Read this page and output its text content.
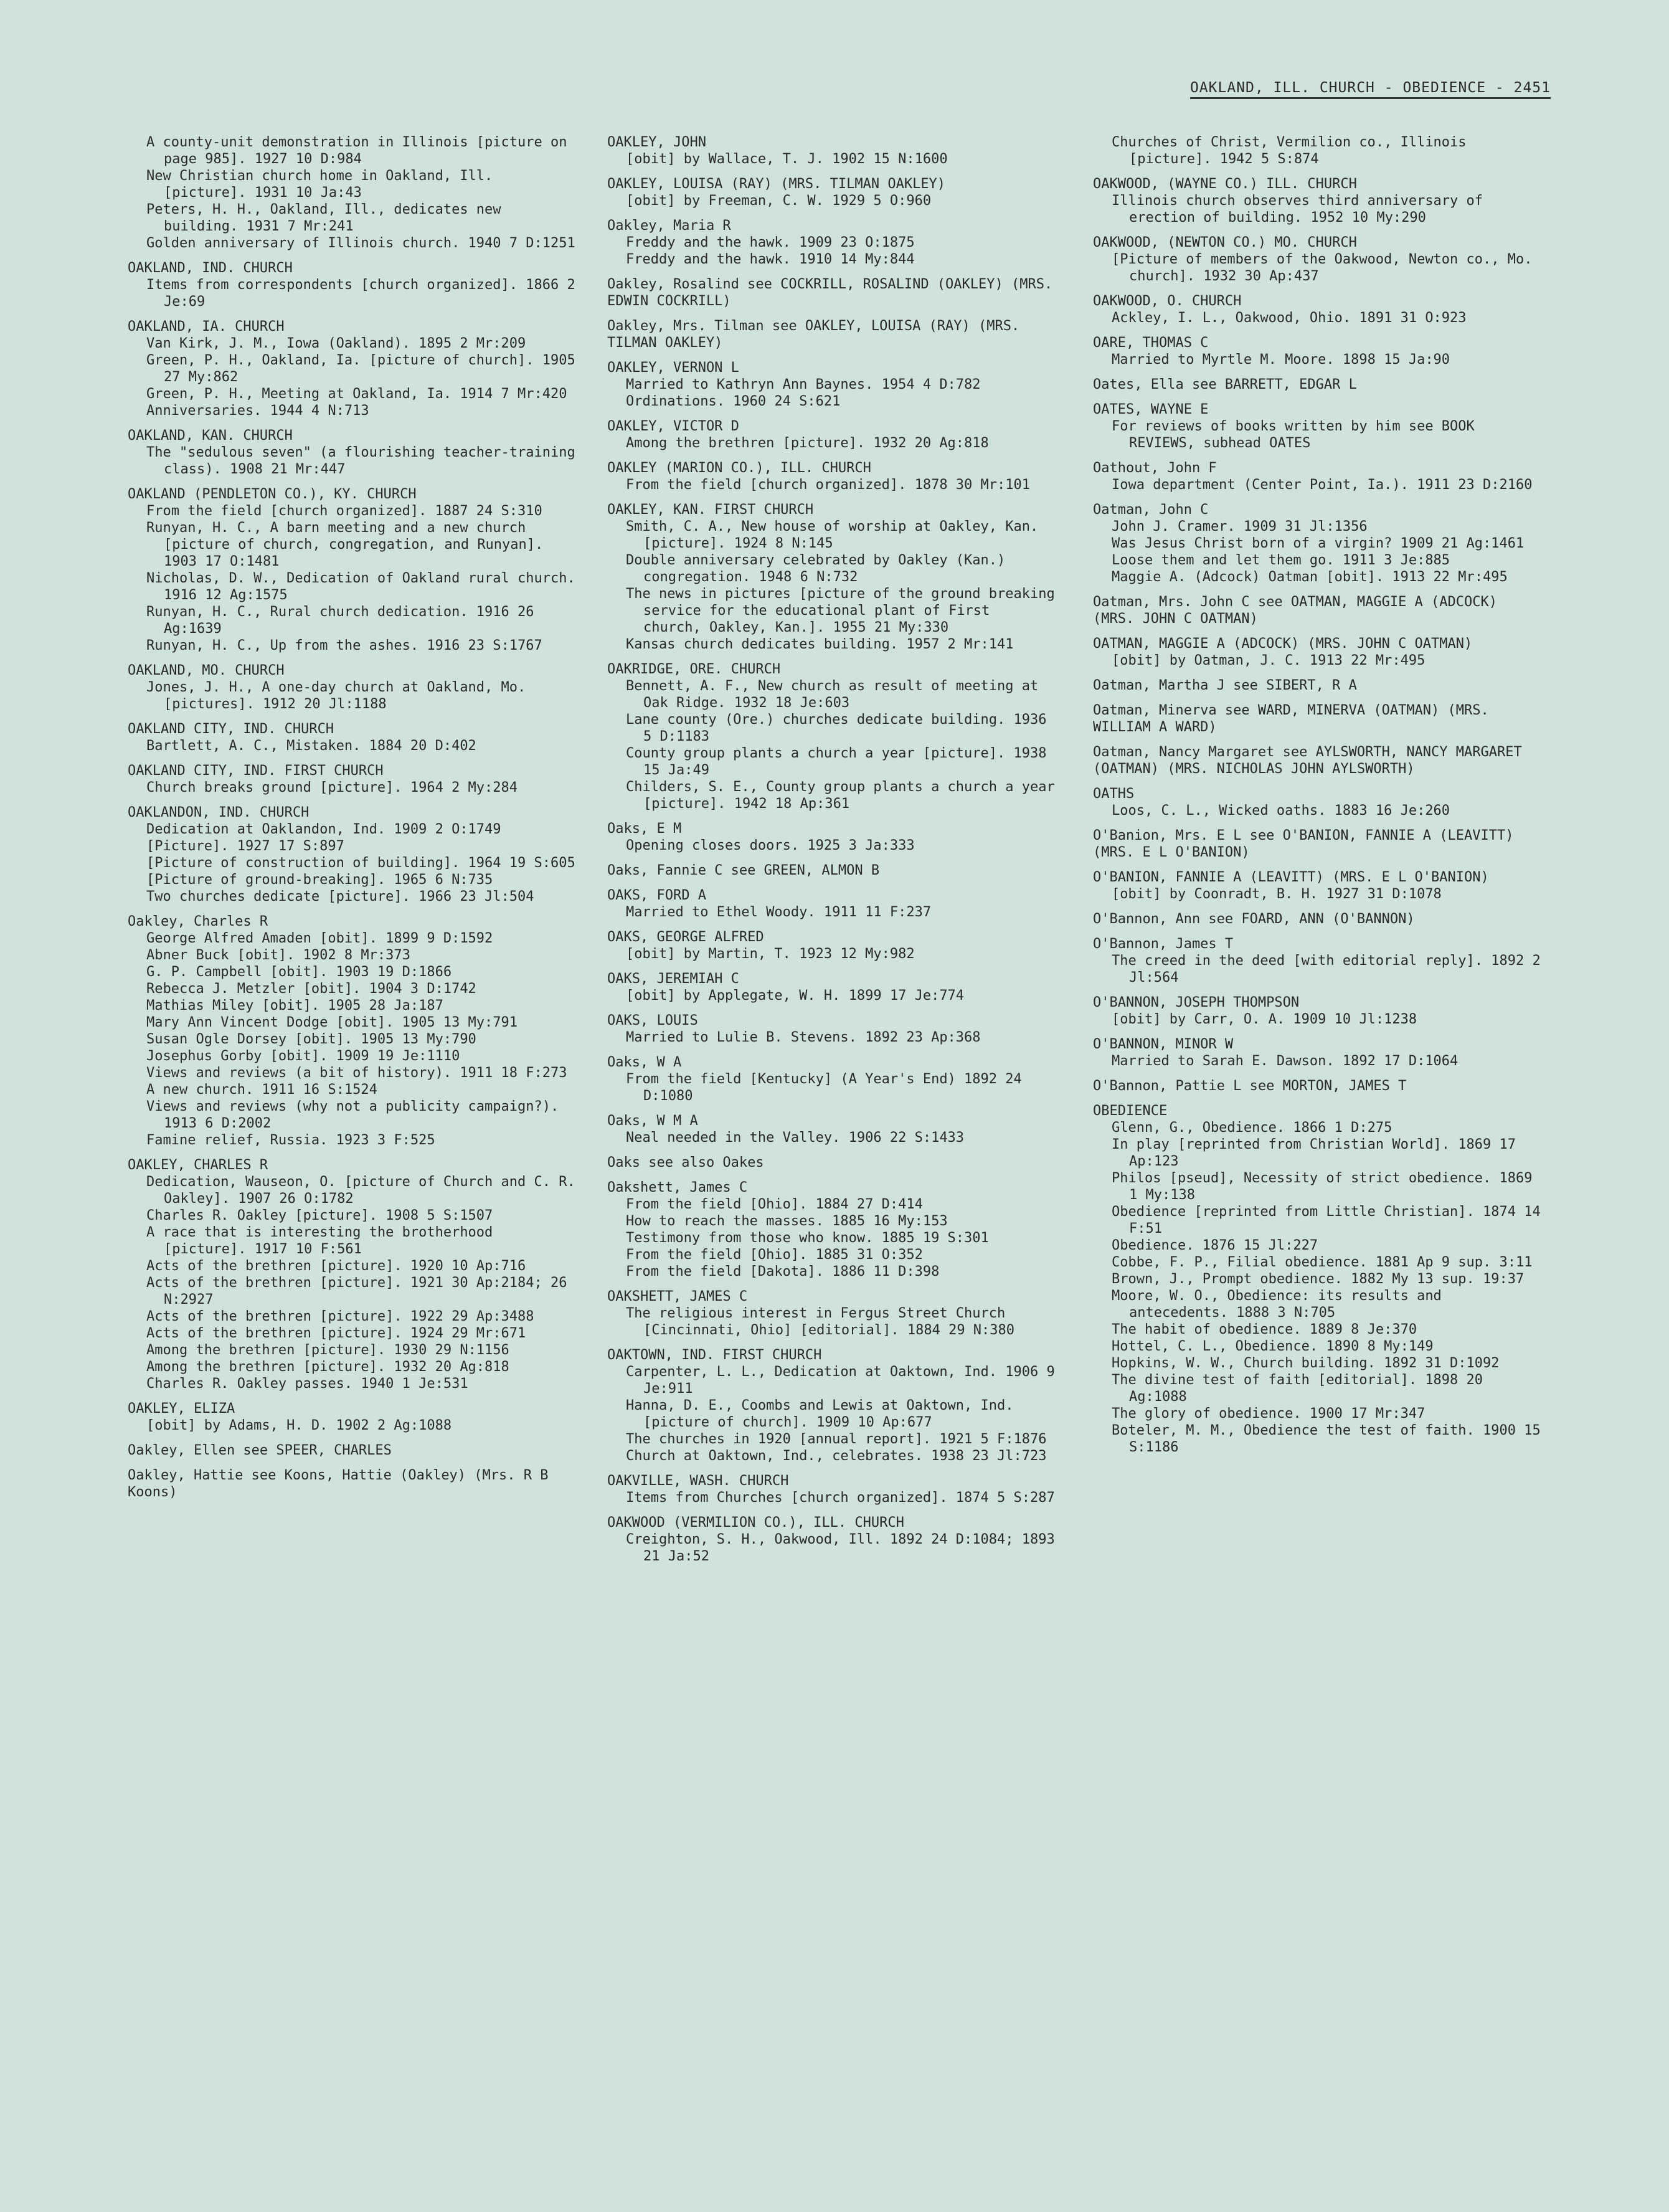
OAKLAND, ILL. CHURCH - OBEDIENCE - 2451
A county-unit demonstration in Illinois [picture on page 985]. 1927 10 D:984
New Christian church home in Oakland, Ill. [picture]. 1931 10 Ja:43
Peters, H. H., Oakland, Ill., dedicates new building. 1931 7 Mr:241
Golden anniversary of Illinois church. 1940 7 D:1251
OAKLAND, IND. CHURCH
Items from correspondents [church organized]. 1866 2 Je:69
OAKLAND, IA. CHURCH
Van Kirk, J. M., Iowa (Oakland). 1895 2 Mr:209
Green, P. H., Oakland, Ia. [picture of church]. 1905 27 My:862
Green, P. H., Meeting at Oakland, Ia. 1914 7 Mr:420
Anniversaries. 1944 4 N:713
OAKLAND, KAN. CHURCH
The "sedulous seven" (a flourishing teacher-training class). 1908 21 Mr:447
OAKLAND (PENDLETON CO.), KY. CHURCH
From the field [church organized]. 1887 24 S:310
Runyan, H. C., A barn meeting and a new church [picture of church, congregation, and Runyan]. 1903 17 O:1481
Nicholas, D. W., Dedication of Oakland rural church. 1916 12 Ag:1575
Runyan, H. C., Rural church dedication. 1916 26 Ag:1639
Runyan, H. C., Up from the ashes. 1916 23 S:1767
OAKLAND, MO. CHURCH
Jones, J. H., A one-day church at Oakland, Mo. [pictures]. 1912 20 Jl:1188
OAKLAND CITY, IND. CHURCH
Bartlett, A. C., Mistaken. 1884 20 D:402
OAKLAND CITY, IND. FIRST CHURCH
Church breaks ground [picture]. 1964 2 My:284
OAKLANDON, IND. CHURCH
Dedication at Oaklandon, Ind. 1909 2 O:1749
[Picture]. 1927 17 S:897
[Picture of construction of building]. 1964 19 S:605
[Picture of ground-breaking]. 1965 6 N:735
Two churches dedicate [picture]. 1966 23 Jl:504
Oakley, Charles R
George Alfred Amaden [obit]. 1899 9 D:1592
Abner Buck [obit]. 1902 8 Mr:373
G. P. Campbell [obit]. 1903 19 D:1866
Rebecca J. Metzler [obit]. 1904 3 D:1742
Mathias Miley [obit]. 1905 28 Ja:187
Mary Ann Vincent Dodge [obit]. 1905 13 My:791
Susan Ogle Dorsey [obit]. 1905 13 My:790
Josephus Gorby [obit]. 1909 19 Je:1110
Views and reviews (a bit of history). 1911 18 F:273
A new church. 1911 16 S:1524
Views and reviews (why not a publicity campaign?). 1913 6 D:2002
Famine relief, Russia. 1923 3 F:525
OAKLEY, CHARLES R
Dedication, Wauseon, O. [picture of Church and C. R. Oakley]. 1907 26 O:1782
Charles R. Oakley [picture]. 1908 5 S:1507
A race that is interesting the brotherhood [picture]. 1917 10 F:561
Acts of the brethren [picture]. 1920 10 Ap:716
Acts of the brethren [picture]. 1921 30 Ap:2184; 26 N:2927
Acts of the brethren [picture]. 1922 29 Ap:3488
Acts of the brethren [picture]. 1924 29 Mr:671
Among the brethren [picture]. 1930 29 N:1156
Among the brethren [picture]. 1932 20 Ag:818
Charles R. Oakley passes. 1940 1 Je:531
OAKLEY, ELIZA
[obit] by Adams, H. D. 1902 2 Ag:1088
Oakley, Ellen see SPEER, CHARLES
Oakley, Hattie see Koons, Hattie (Oakley) (Mrs. R B Koons)
OAKLEY, JOHN
[obit] by Wallace, T. J. 1902 15 N:1600
OAKLEY, LOUISA (RAY) (MRS. TILMAN OAKLEY)
[obit] by Freeman, C. W. 1929 5 O:960
Oakley, Maria R
Freddy and the hawk. 1909 23 O:1875
Freddy and the hawk. 1910 14 My:844
Oakley, Rosalind see COCKRILL, ROSALIND (OAKLEY) (MRS. EDWIN COCKRILL)
Oakley, Mrs. Tilman see OAKLEY, LOUISA (RAY) (MRS. TILMAN OAKLEY)
OAKLEY, VERNON L
Married to Kathryn Ann Baynes. 1954 4 D:782
Ordinations. 1960 24 S:621
OAKLEY, VICTOR D
Among the brethren [picture]. 1932 20 Ag:818
OAKLEY (MARION CO.), ILL. CHURCH
From the field [church organized]. 1878 30 Mr:101
OAKLEY, KAN. FIRST CHURCH
Smith, C. A., New house of worship at Oakley, Kan. [picture]. 1924 8 N:145
Double anniversary celebrated by Oakley (Kan.) congregation. 1948 6 N:732
The news in pictures [picture of the ground breaking service for the educational plant of First church, Oakley, Kan.]. 1955 21 My:330
Kansas church dedicates building. 1957 2 Mr:141
OAKRIDGE, ORE. CHURCH
Bennett, A. F., New church as result of meeting at Oak Ridge. 1932 18 Je:603
Lane county (Ore.) churches dedicate building. 1936 5 D:1183
County group plants a church a year [picture]. 1938 15 Ja:49
Childers, S. E., County group plants a church a year [picture]. 1942 18 Ap:361
Oaks, E M
Opening closes doors. 1925 3 Ja:333
Oaks, Fannie C see GREEN, ALMON B
OAKS, FORD A
Married to Ethel Woody. 1911 11 F:237
OAKS, GEORGE ALFRED
[obit] by Martin, T. 1923 12 My:982
OAKS, JEREMIAH C
[obit] by Applegate, W. H. 1899 17 Je:774
OAKS, LOUIS
Married to Lulie B. Stevens. 1892 23 Ap:368
Oaks, W A
From the field [Kentucky] (A Year's End) 1892 24 D:1080
Oaks, W M A
Neal needed in the Valley. 1906 22 S:1433
Oaks see also Oakes
Oakshett, James C
From the field [Ohio]. 1884 27 D:414
How to reach the masses. 1885 16 My:153
Testimony from those who know. 1885 19 S:301
From the field [Ohio]. 1885 31 O:352
From the field [Dakota]. 1886 11 D:398
OAKSHETT, JAMES C
The religious interest in Fergus Street Church [Cincinnati, Ohio] [editorial]. 1884 29 N:380
OAKTOWN, IND. FIRST CHURCH
Carpenter, L. L., Dedication at Oaktown, Ind. 1906 9 Je:911
Hanna, D. E., Coombs and Lewis at Oaktown, Ind. [picture of church]. 1909 10 Ap:677
The churches in 1920 [annual report]. 1921 5 F:1876
Church at Oaktown, Ind., celebrates. 1938 23 Jl:723
OAKVILLE, WASH. CHURCH
Items from Churches [church organized]. 1874 5 S:287
OAKWOOD (VERMILION CO.), ILL. CHURCH
Creighton, S. H., Oakwood, Ill. 1892 24 D:1084; 1893 21 Ja:52
Churches of Christ, Vermilion co., Illinois [picture]. 1942 5 S:874
OAKWOOD, (WAYNE CO.) ILL. CHURCH
Illinois church observes third anniversary of erection of building. 1952 10 My:290
OAKWOOD, (NEWTON CO.) MO. CHURCH
[Picture of members of the Oakwood, Newton co., Mo. church]. 1932 30 Ap:437
OAKWOOD, O. CHURCH
Ackley, I. L., Oakwood, Ohio. 1891 31 O:923
OARE, THOMAS C
Married to Myrtle M. Moore. 1898 15 Ja:90
Oates, Ella see BARRETT, EDGAR L
OATES, WAYNE E
For reviews of books written by him see BOOK REVIEWS, subhead OATES
Oathout, John F
Iowa department (Center Point, Ia.). 1911 23 D:2160
Oatman, John C
John J. Cramer. 1909 31 Jl:1356
Was Jesus Christ born of a virgin? 1909 21 Ag:1461
Loose them and let them go. 1911 3 Je:885
Maggie A. (Adcock) Oatman [obit]. 1913 22 Mr:495
Oatman, Mrs. John C see OATMAN, MAGGIE A (ADCOCK) (MRS. JOHN C OATMAN)
OATMAN, MAGGIE A (ADCOCK) (MRS. JOHN C OATMAN)
[obit] by Oatman, J. C. 1913 22 Mr:495
Oatman, Martha J see SIBERT, R A
Oatman, Minerva see WARD, MINERVA (OATMAN) (MRS. WILLIAM A WARD)
Oatman, Nancy Margaret see AYLSWORTH, NANCY MARGARET (OATMAN) (MRS. NICHOLAS JOHN AYLSWORTH)
OATHS
Loos, C. L., Wicked oaths. 1883 16 Je:260
O'Banion, Mrs. E L see O'BANION, FANNIE A (LEAVITT) (MRS. E L O'BANION)
O'BANION, FANNIE A (LEAVITT) (MRS. E L O'BANION)
[obit] by Coonradt, B. H. 1927 31 D:1078
O'Bannon, Ann see FOARD, ANN (O'BANNON)
O'Bannon, James T
The creed in the deed [with editorial reply]. 1892 2 Jl:564
O'BANNON, JOSEPH THOMPSON
[obit] by Carr, O. A. 1909 10 Jl:1238
O'BANNON, MINOR W
Married to Sarah E. Dawson. 1892 17 D:1064
O'Bannon, Pattie L see MORTON, JAMES T
OBEDIENCE
Glenn, G., Obedience. 1866 1 D:275
In play [reprinted from Christian World]. 1869 17 Ap:123
Philos [pseud], Necessity of strict obedience. 1869 1 My:138
Obedience [reprinted from Little Christian]. 1874 14 F:51
Obedience. 1876 15 Jl:227
Cobbe, F. P., Filial obedience. 1881 Ap 9 sup. 3:11
Brown, J., Prompt obedience. 1882 My 13 sup. 19:37
Moore, W. O., Obedience: its results and antecedents. 1888 3 N:705
The habit of obedience. 1889 8 Je:370
Hottel, C. L., Obedience. 1890 8 My:149
Hopkins, W. W., Church building. 1892 31 D:1092
The divine test of faith [editorial]. 1898 20 Ag:1088
The glory of obedience. 1900 17 Mr:347
Boteler, M. M., Obedience the test of faith. 1900 15 S:1186
